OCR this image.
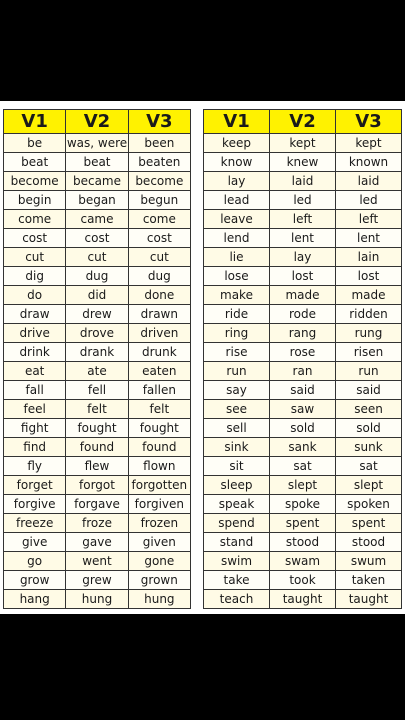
V1	V2	V3
be	was, were	been
beat	beat	beaten
become	became	become
begin	began	begun
come	came	come
cost	cost	cost
cut	cut	cut
dig	dug	dug
do	did	done
draw	drew	drawn
drive	drove	driven
drink	drank	drunk
eat	ate	eaten
fall	fell	fallen
feel	felt	felt
fight	fought	fought
find	found	found
fly	flew	flown
forget	forgot	forgotten
forgive	forgave	forgiven
freeze	froze	frozen
give	gave	given
go	went	gone
grow	grew	grown
hang	hung	hung
V1	V2	V3
keep	kept	kept
know	knew	known
lay	laid	laid
lead	led	led
leave	left	left
lend	lent	lent
lie	lay	lain
lose	lost	lost
make	made	made
ride	rode	ridden
ring	rang	rung
rise	rose	risen
run	ran	run
say	said	said
see	saw	seen
sell	sold	sold
sink	sank	sunk
sit	sat	sat
sleep	slept	slept
speak	spoke	spoken
spend	spent	spent
stand	stood	stood
swim	swam	swum
take	took	taken
teach	taught	taught
